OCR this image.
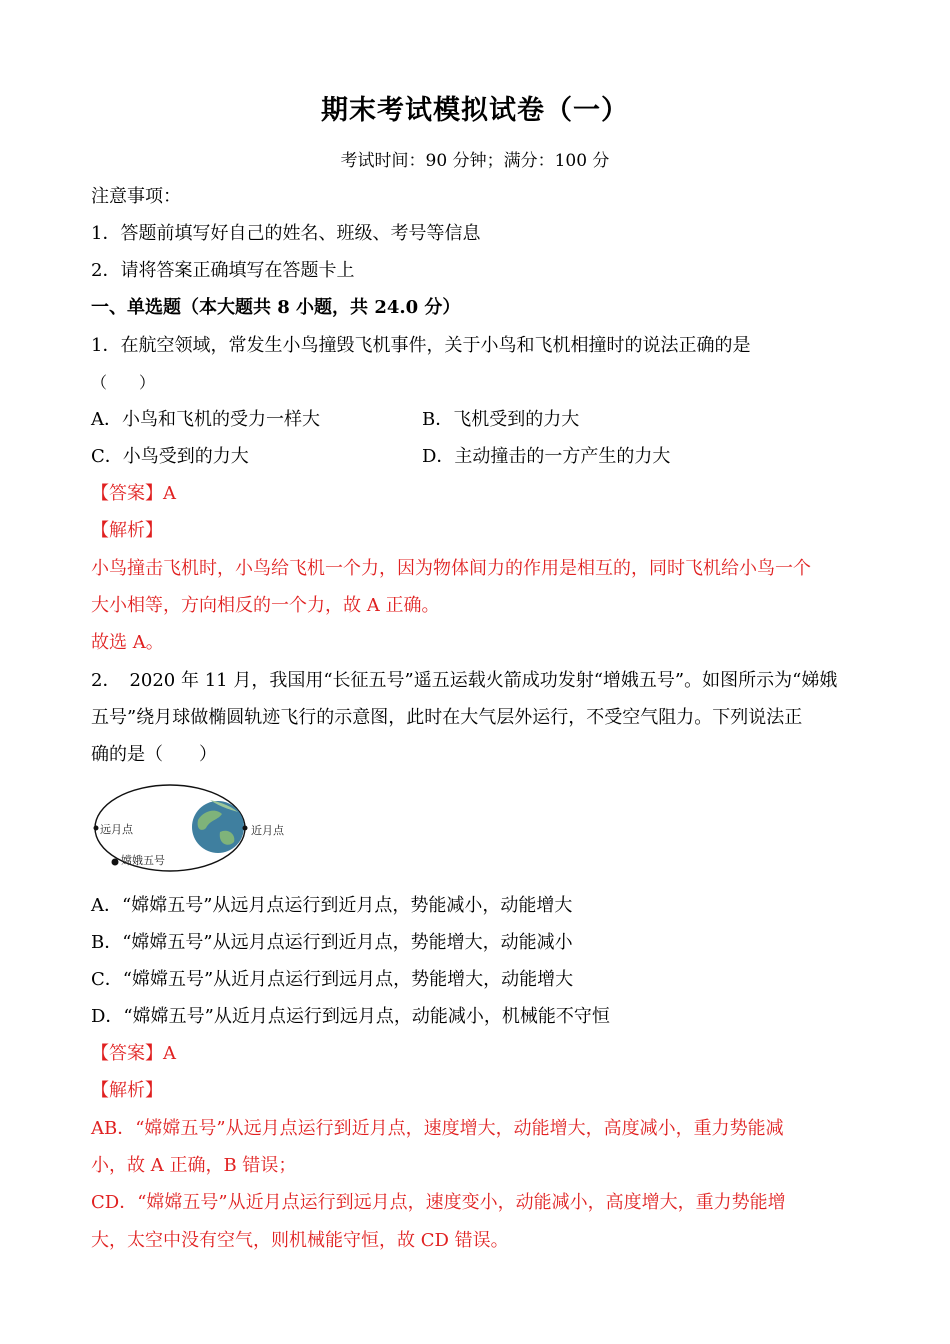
期末考试模拟试卷（一）
考试时间：90 分钟；满分：100 分
注意事项：
1．答题前填写好自己的姓名、班级、考号等信息
2．请将答案正确填写在答题卡上
一、单选题（本大题共 8 小题，共 24.0 分）
1．在航空领域，常发生小鸟撞毁飞机事件，关于小鸟和飞机相撞时的说法正确的是
（　　）
A．小鸟和飞机的受力一样大	B．飞机受到的力大
C．小鸟受到的力大	D．主动撞击的一方产生的力大
【答案】A
【解析】
小鸟撞击飞机时，小鸟给飞机一个力，因为物体间力的作用是相互的，同时飞机给小鸟一个
大小相等，方向相反的一个力，故 A 正确。
故选 A。
2．　2020 年 11 月，我国用“长征五号”遥五运载火箭成功发射“增娥五号”。如图所示为“娣娥
五号”绕月球做椭圆轨迹飞行的示意图，此时在大气层外运行，不受空气阻力。下列说法正
确的是（　　）
远月点	近月点
嫦娥五号
A．“嫦嫦五号”从远月点运行到近月点，势能减小，动能增大
B．“嫦嫦五号”从远月点运行到近月点，势能增大，动能减小
C．“嫦嫦五号”从近月点运行到远月点，势能增大，动能增大
D．“嫦嫦五号”从近月点运行到远月点，动能减小，机械能不守恒
【答案】A
【解析】
AB．“嫦嫦五号”从远月点运行到近月点，速度增大，动能增大，高度减小，重力势能减
小，故 A 正确，B 错误；
CD．“嫦嫦五号”从近月点运行到远月点，速度变小，动能减小，高度增大，重力势能增
大，太空中没有空气，则机械能守恒，故 CD 错误。
